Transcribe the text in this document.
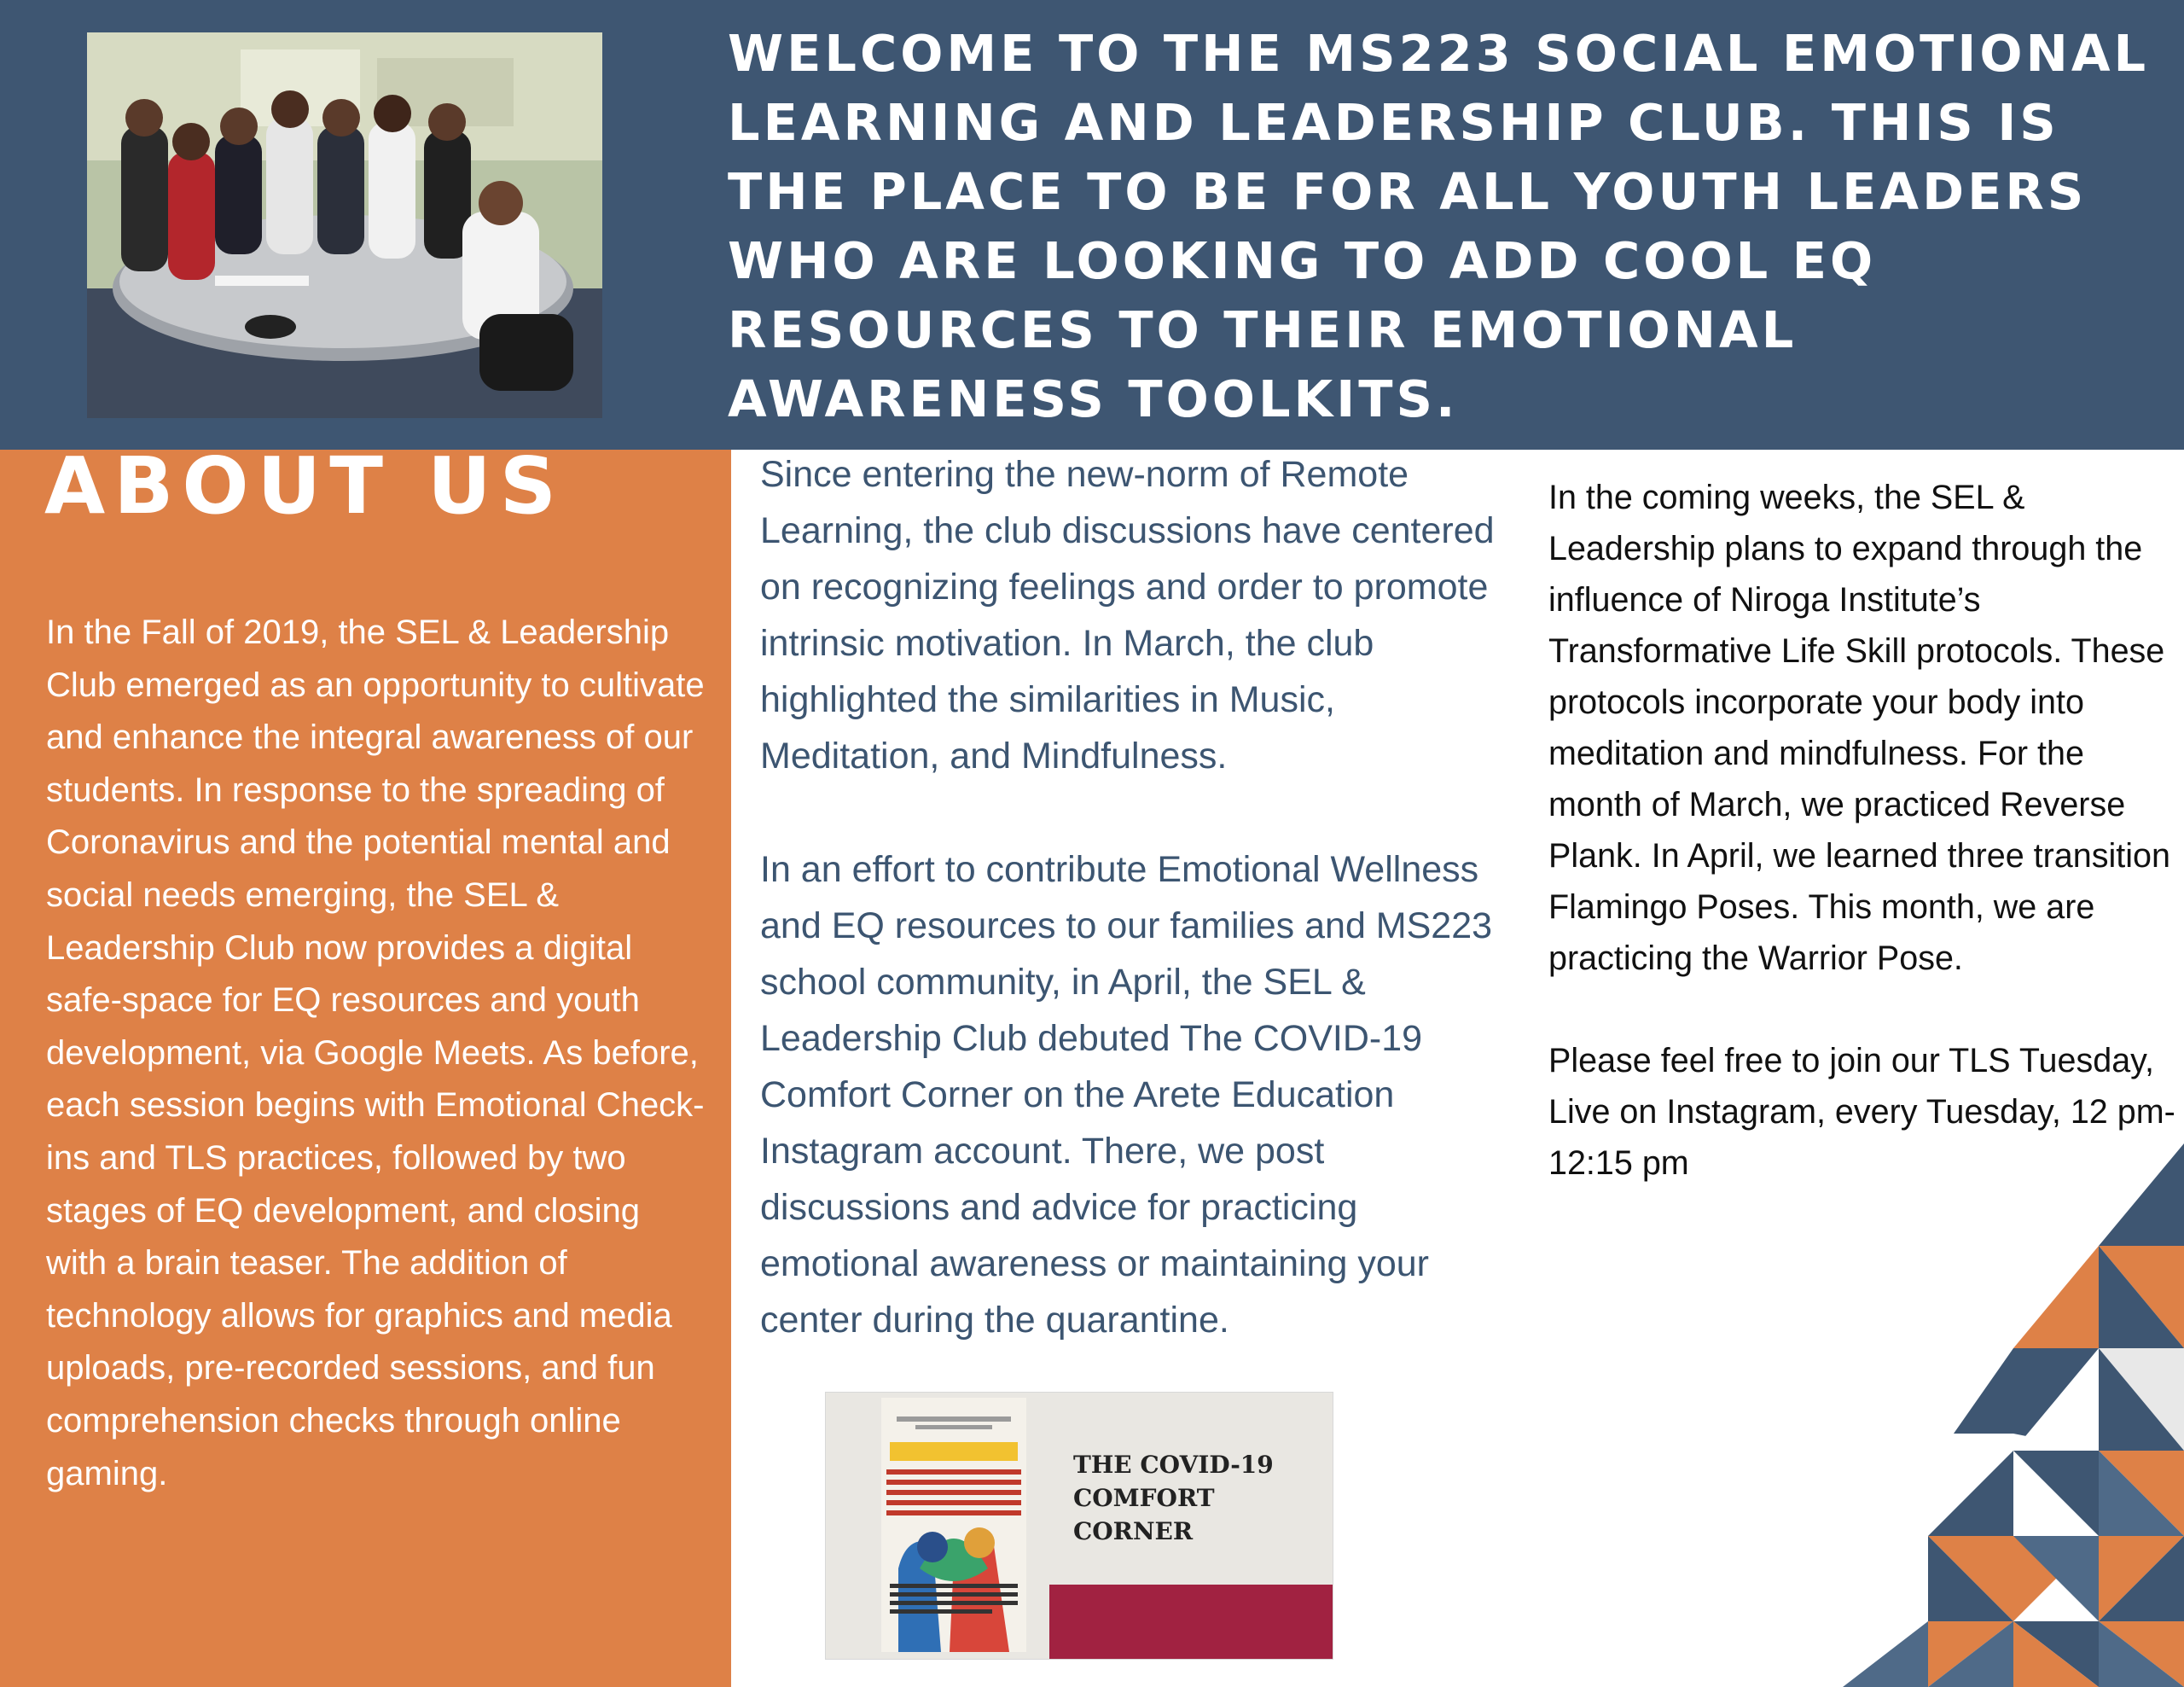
WELCOME TO THE MS223 SOCIAL EMOTIONAL LEARNING AND LEADERSHIP CLUB. THIS IS THE PLACE TO BE FOR ALL YOUTH LEADERS WHO ARE LOOKING TO ADD COOL EQ RESOURCES TO THEIR EMOTIONAL AWARENESS TOOLKITS.
ABOUT US

In the Fall of 2019, the SEL & Leadership Club emerged as an opportunity to cultivate and enhance the integral awareness of our students. In response to the spreading of Coronavirus and the potential mental and social needs emerging, the SEL & Leadership Club now provides a digital safe-space for EQ resources and youth development, via Google Meets. As before, each session begins with Emotional Check-ins and TLS practices, followed by two stages of EQ development, and closing with a brain teaser. The addition of technology allows for graphics and media uploads, pre-recorded sessions, and fun comprehension checks through online gaming.

Since entering the new-norm of Remote Learning, the club discussions have centered on recognizing feelings and order to promote intrinsic motivation. In March, the club highlighted the similarities in Music, Meditation, and Mindfulness.

In an effort to contribute Emotional Wellness and EQ resources to our families and MS223 school community, in April, the SEL & Leadership Club debuted The COVID-19 Comfort Corner on the Arete Education Instagram account. There, we post discussions and advice for practicing emotional awareness or maintaining your center during the quarantine.

In the coming weeks, the SEL & Leadership plans to expand through the influence of Niroga Institute’s Transformative Life Skill protocols. These protocols incorporate your body into meditation and mindfulness. For the month of March, we practiced Reverse Plank. In April, we learned three transition Flamingo Poses. This month, we are practicing the Warrior Pose.

Please feel free to join our TLS Tuesday, Live on Instagram, every Tuesday, 12 pm- 12:15 pm

THE COVID-19 COMFORT CORNER
